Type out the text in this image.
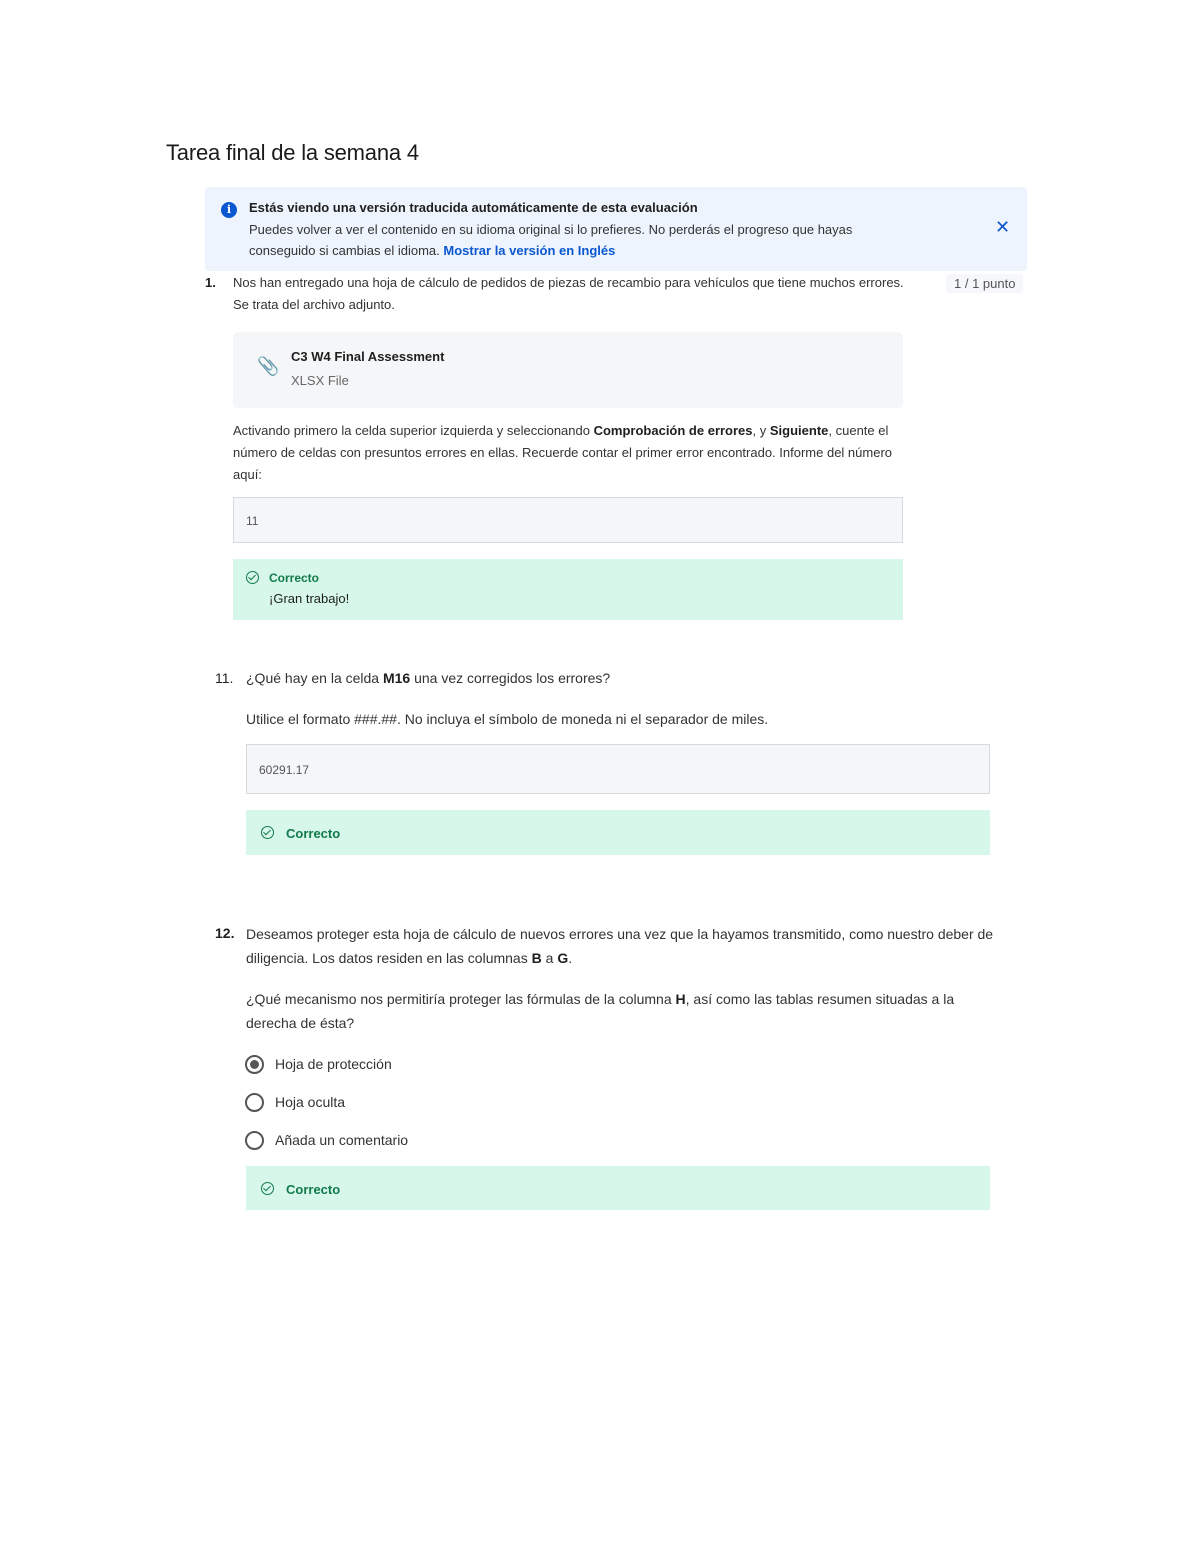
Tarea final de la semana 4
i	Estás viendo una versión traducida automáticamente de esta evaluación
Puedes volver a ver el contenido en su idioma original si lo prefieres. No perderás el progreso que hayas conseguido si cambias el idioma. Mostrar la versión en Inglés
✕
1. Nos han entregado una hoja de cálculo de pedidos de piezas de recambio para vehículos que tiene muchos errores. Se trata del archivo adjunto.
1 / 1 punto
📎 C3 W4 Final Assessment
XLSX File
Activando primero la celda superior izquierda y seleccionando Comprobación de errores, y Siguiente, cuente el número de celdas con presuntos errores en ellas. Recuerde contar el primer error encontrado. Informe del número aquí:
11
Correcto
¡Gran trabajo!
11. ¿Qué hay en la celda M16 una vez corregidos los errores?
Utilice el formato ###.##. No incluya el símbolo de moneda ni el separador de miles.
60291.17
Correcto
12. Deseamos proteger esta hoja de cálculo de nuevos errores una vez que la hayamos transmitido, como nuestro deber de diligencia. Los datos residen en las columnas B a G.
¿Qué mecanismo nos permitiría proteger las fórmulas de la columna H, así como las tablas resumen situadas a la derecha de ésta?
Hoja de protección
Hoja oculta
Añada un comentario
Correcto
